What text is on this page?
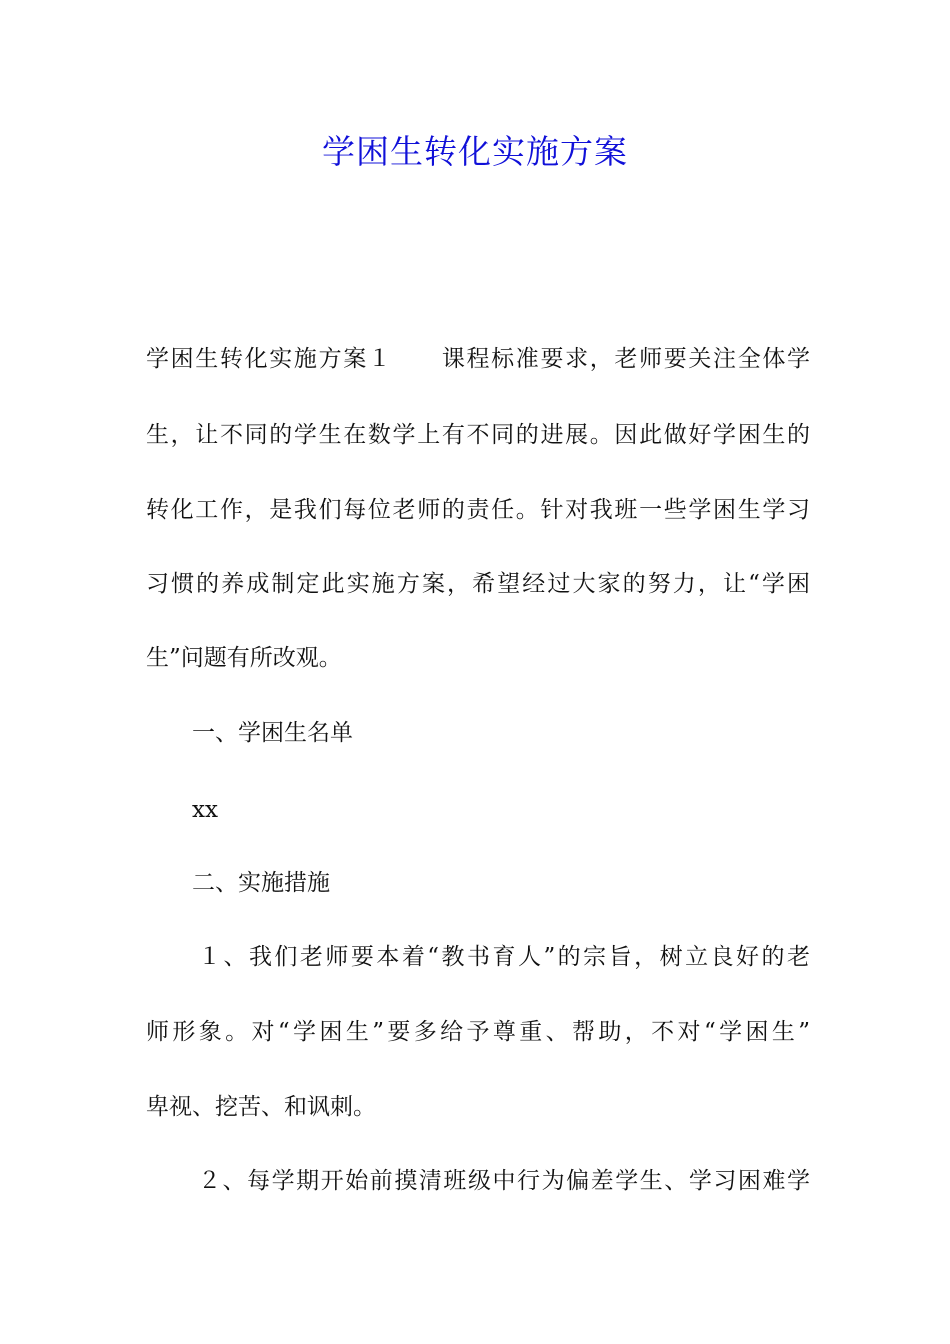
学困生转化实施方案
学困生转化实施方案１　　课程标准要求，老师要关注全体学
生，让不同的学生在数学上有不同的进展。因此做好学困生的
转化工作，是我们每位老师的责任。针对我班一些学困生学习
习惯的养成制定此实施方案，希望经过大家的努力，让“学困
生”问题有所改观。
一、学困生名单
xx
二、实施措施
１、我们老师要本着“教书育人”的宗旨，树立良好的老
师形象。对“学困生”要多给予尊重、帮助，不对“学困生”
卑视、挖苦、和讽刺。
２、每学期开始前摸清班级中行为偏差学生、学习困难学
